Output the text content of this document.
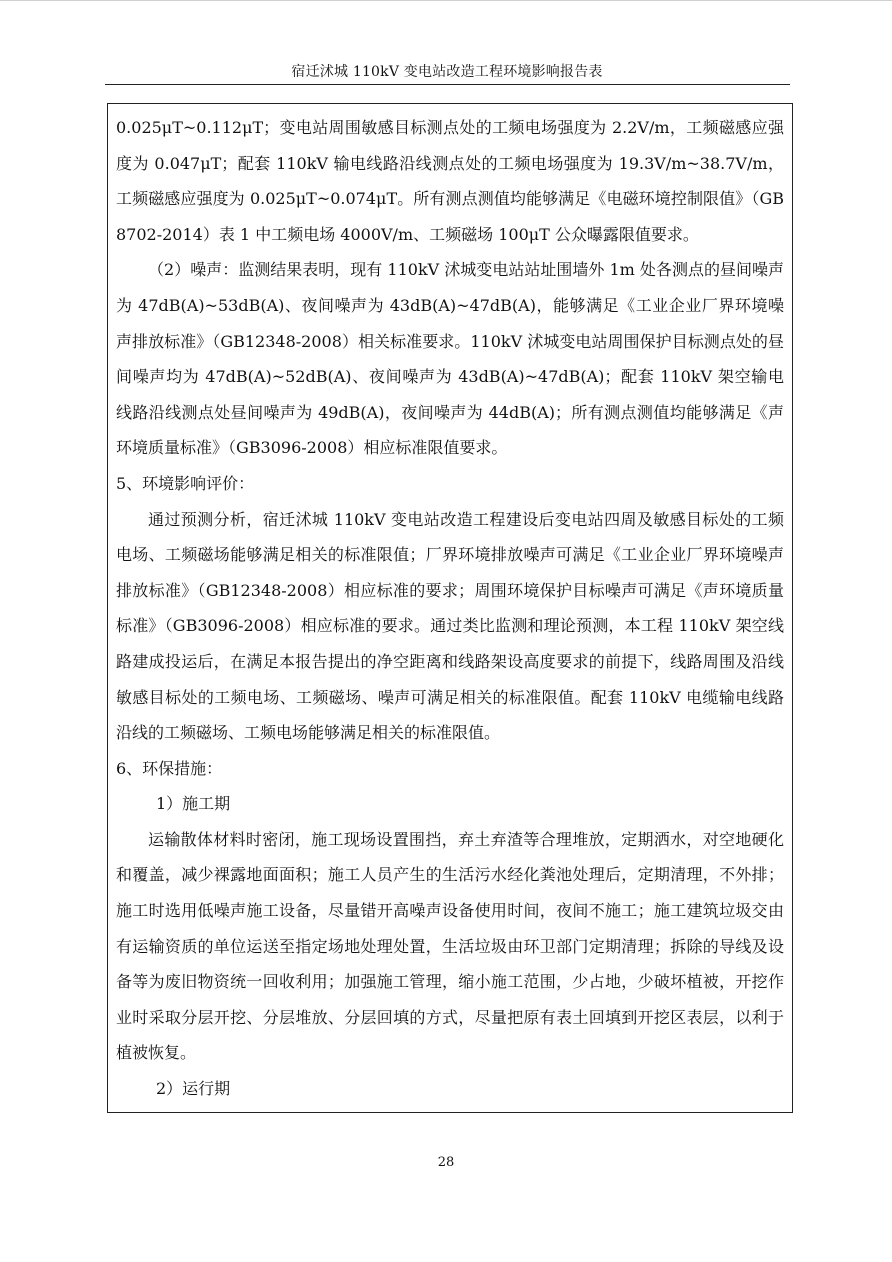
宿迁沭城 110kV 变电站改造工程环境影响报告表

0.025μT~0.112μT；变电站周围敏感目标测点处的工频电场强度为 2.2V/m，工频磁感应强度为 0.047μT；配套 110kV 输电线路沿线测点处的工频电场强度为 19.3V/m~38.7V/m，工频磁感应强度为 0.025μT~0.074μT。所有测点测值均能够满足《电磁环境控制限值》（GB8702-2014）表 1 中工频电场 4000V/m、工频磁场 100μT 公众曝露限值要求。

（2）噪声：监测结果表明，现有 110kV 沭城变电站站址围墙外 1m 处各测点的昼间噪声为 47dB(A)~53dB(A)、夜间噪声为 43dB(A)~47dB(A)，能够满足《工业企业厂界环境噪声排放标准》（GB12348-2008）相关标准要求。110kV 沭城变电站周围保护目标测点处的昼间噪声均为 47dB(A)~52dB(A)、夜间噪声为 43dB(A)~47dB(A)；配套 110kV 架空输电线路沿线测点处昼间噪声为 49dB(A)，夜间噪声为 44dB(A)；所有测点测值均能够满足《声环境质量标准》（GB3096-2008）相应标准限值要求。

5、环境影响评价：

通过预测分析，宿迁沭城 110kV 变电站改造工程建设后变电站四周及敏感目标处的工频电场、工频磁场能够满足相关的标准限值；厂界环境排放噪声可满足《工业企业厂界环境噪声排放标准》（GB12348-2008）相应标准的要求；周围环境保护目标噪声可满足《声环境质量标准》（GB3096-2008）相应标准的要求。通过类比监测和理论预测，本工程 110kV 架空线路建成投运后，在满足本报告提出的净空距离和线路架设高度要求的前提下，线路周围及沿线敏感目标处的工频电场、工频磁场、噪声可满足相关的标准限值。配套 110kV 电缆输电线路沿线的工频磁场、工频电场能够满足相关的标准限值。

6、环保措施：

1）施工期

运输散体材料时密闭，施工现场设置围挡，弃土弃渣等合理堆放，定期洒水，对空地硬化和覆盖，减少裸露地面面积；施工人员产生的生活污水经化粪池处理后，定期清理，不外排；施工时选用低噪声施工设备，尽量错开高噪声设备使用时间，夜间不施工；施工建筑垃圾交由有运输资质的单位运送至指定场地处理处置，生活垃圾由环卫部门定期清理；拆除的导线及设备等为废旧物资统一回收利用；加强施工管理，缩小施工范围，少占地，少破坏植被，开挖作业时采取分层开挖、分层堆放、分层回填的方式，尽量把原有表土回填到开挖区表层，以利于植被恢复。

2）运行期

28
